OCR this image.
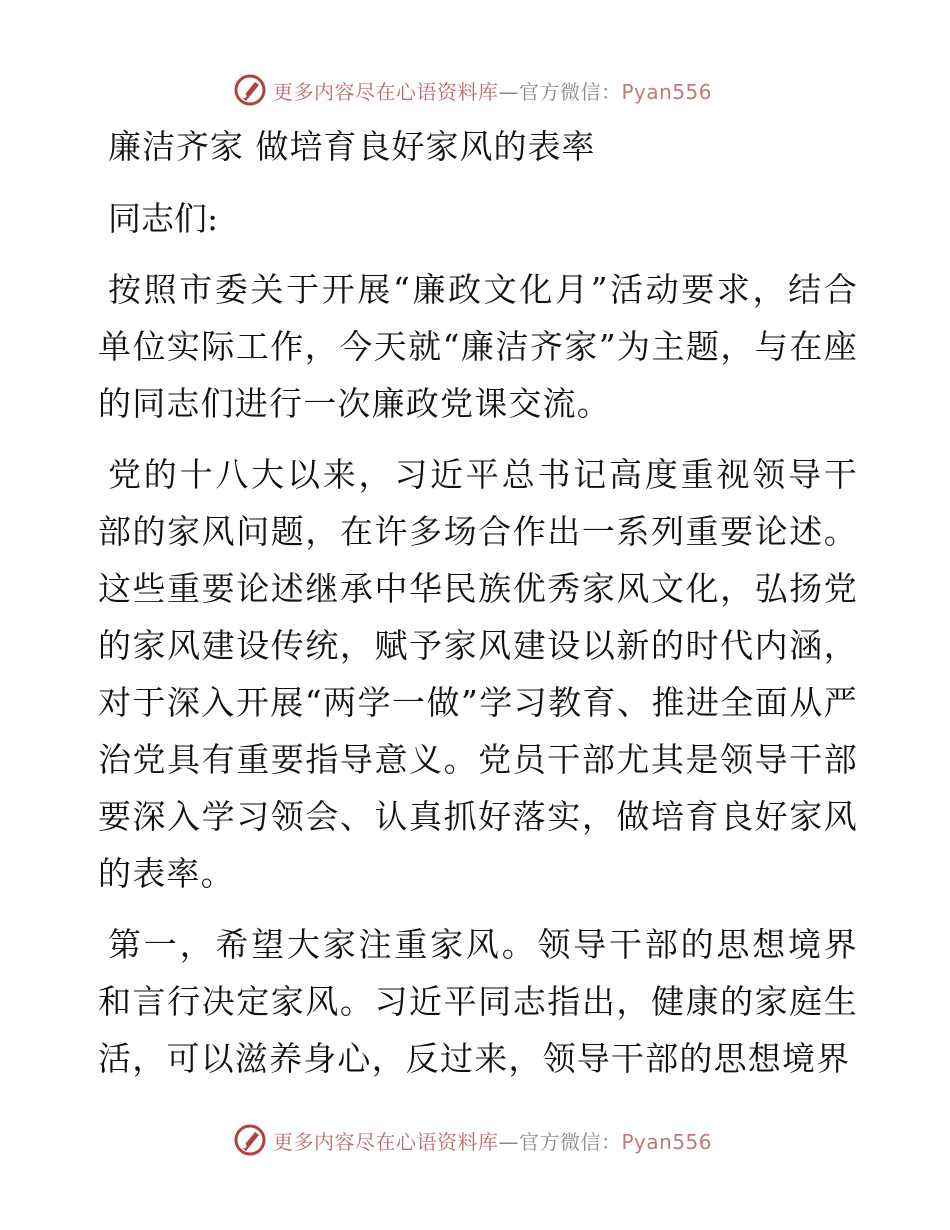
更多内容尽在心语资料库—官方微信：Pyan556
廉洁齐家 做培育良好家风的表率

同志们:

按照市委关于开展“廉政文化月”活动要求，结合单位实际工作，今天就“廉洁齐家”为主题，与在座的同志们进行一次廉政党课交流。

党的十八大以来，习近平总书记高度重视领导干部的家风问题，在许多场合作出一系列重要论述。这些重要论述继承中华民族优秀家风文化，弘扬党的家风建设传统，赋予家风建设以新的时代内涵，对于深入开展“两学一做”学习教育、推进全面从严治党具有重要指导意义。党员干部尤其是领导干部要深入学习领会、认真抓好落实，做培育良好家风的表率。

第一，希望大家注重家风。领导干部的思想境界和言行决定家风。习近平同志指出，健康的家庭生活，可以滋养身心，反过来，领导干部的思想境界

更多内容尽在心语资料库—官方微信：Pyan556
